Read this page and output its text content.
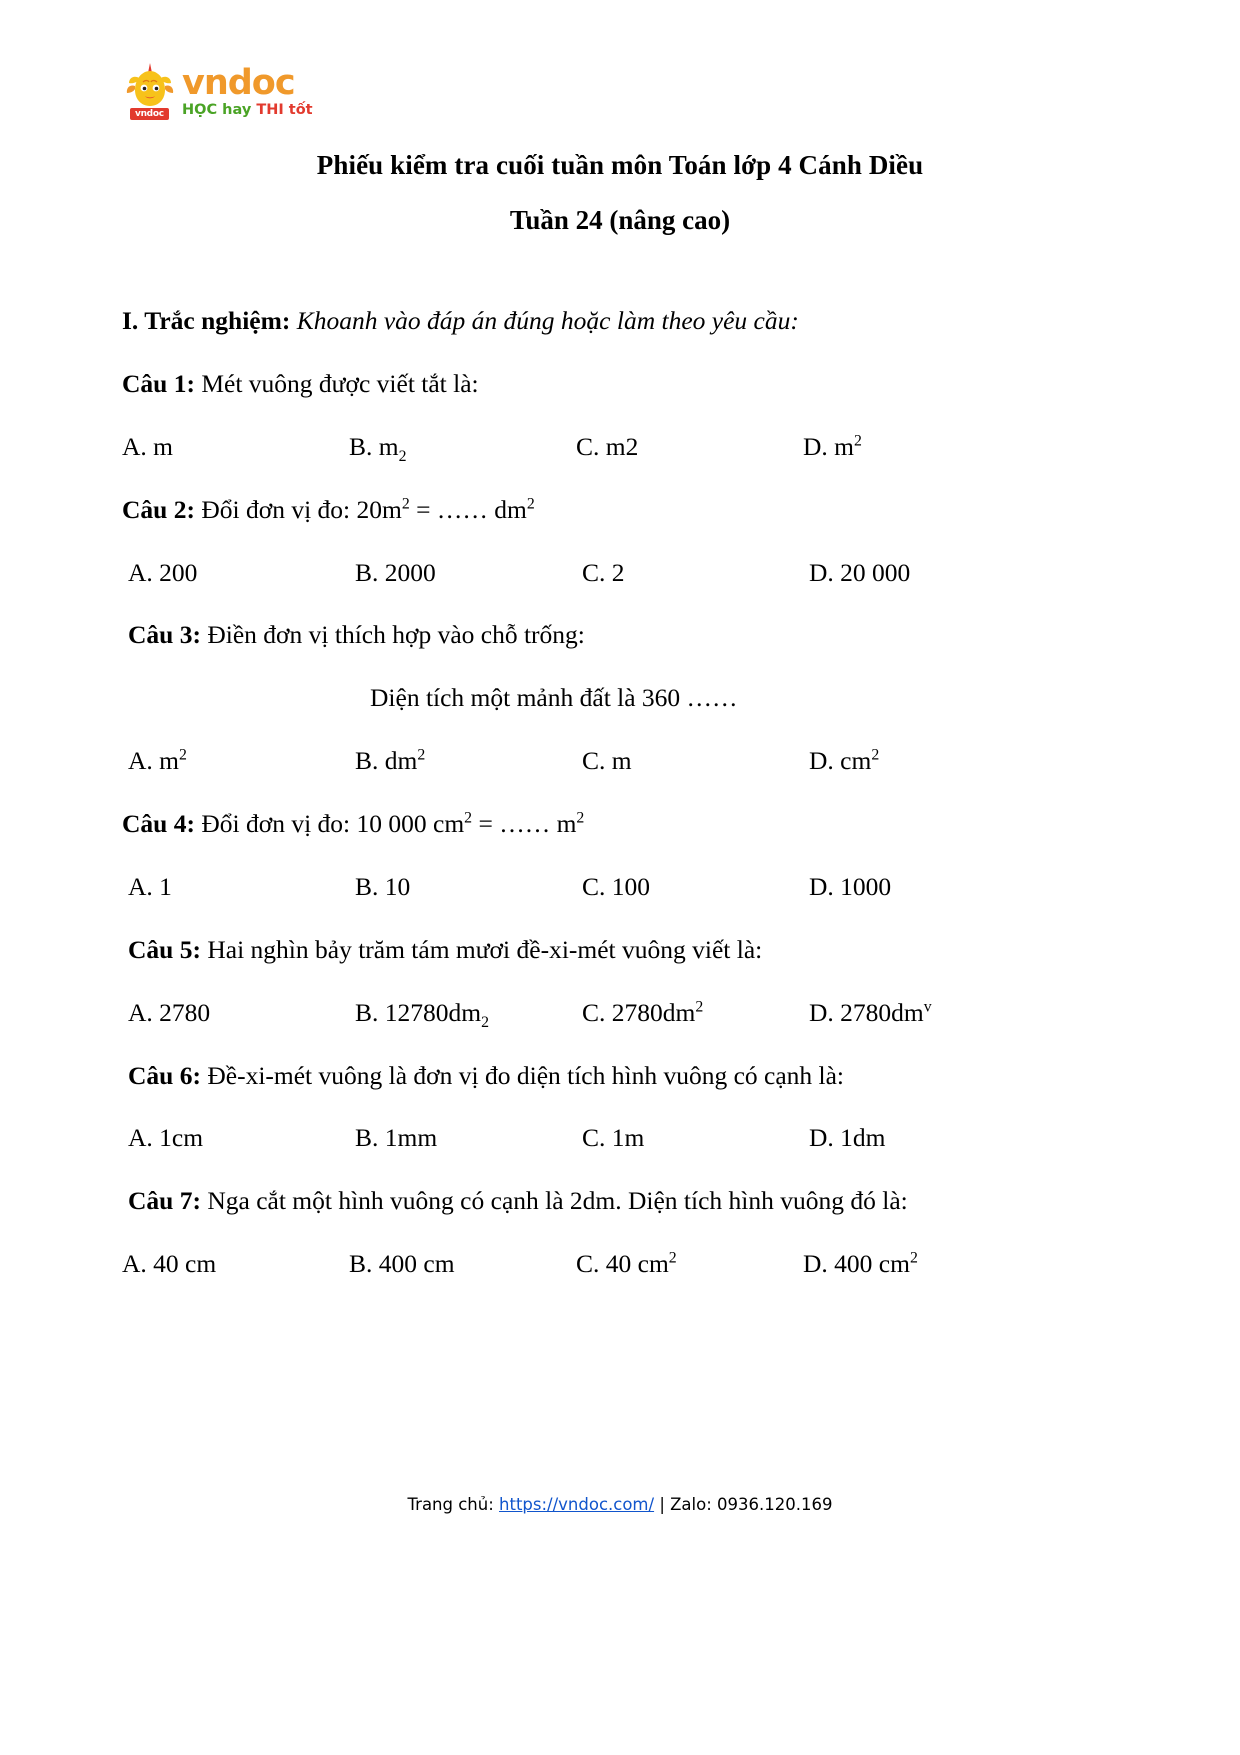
vndoc
vndoc
HỌC hay THI tốt
Phiếu kiểm tra cuối tuần môn Toán lớp 4 Cánh Diều
Tuần 24 (nâng cao)

I. Trắc nghiệm: Khoanh vào đáp án đúng hoặc làm theo yêu cầu:

Câu 1: Mét vuông được viết tắt là:

A. m	B. $m_2$	C. m2	D. $m^2$

Câu 2: Đổi đơn vị đo: $20m^2$ = …… $dm^2$

A. 200	B. 2000	C. 2	D. 20 000

Câu 3: Điền đơn vị thích hợp vào chỗ trống:

Diện tích một mảnh đất là 360 ……

A. $m^2$	B. $dm^2$	C. m	D. $cm^2$

Câu 4: Đổi đơn vị đo: 10 000 $cm^2$ = …… $m^2$

A. 1	B. 10	C. 100	D. 1000

Câu 5: Hai nghìn bảy trăm tám mươi đề-xi-mét vuông viết là:

A. 2780	B. $12780dm_2$	C. $2780dm^2$	D. $2780dm^v$

Câu 6: Đề-xi-mét vuông là đơn vị đo diện tích hình vuông có cạnh là:

A. 1cm	B. 1mm	C. 1m	D. 1dm

Câu 7: Nga cắt một hình vuông có cạnh là 2dm. Diện tích hình vuông đó là:

A. 40 cm	B. 400 cm	C. 40 $cm^2$	D. 400 $cm^2$
Trang chủ: https://vndoc.com/ | Zalo: 0936.120.169
